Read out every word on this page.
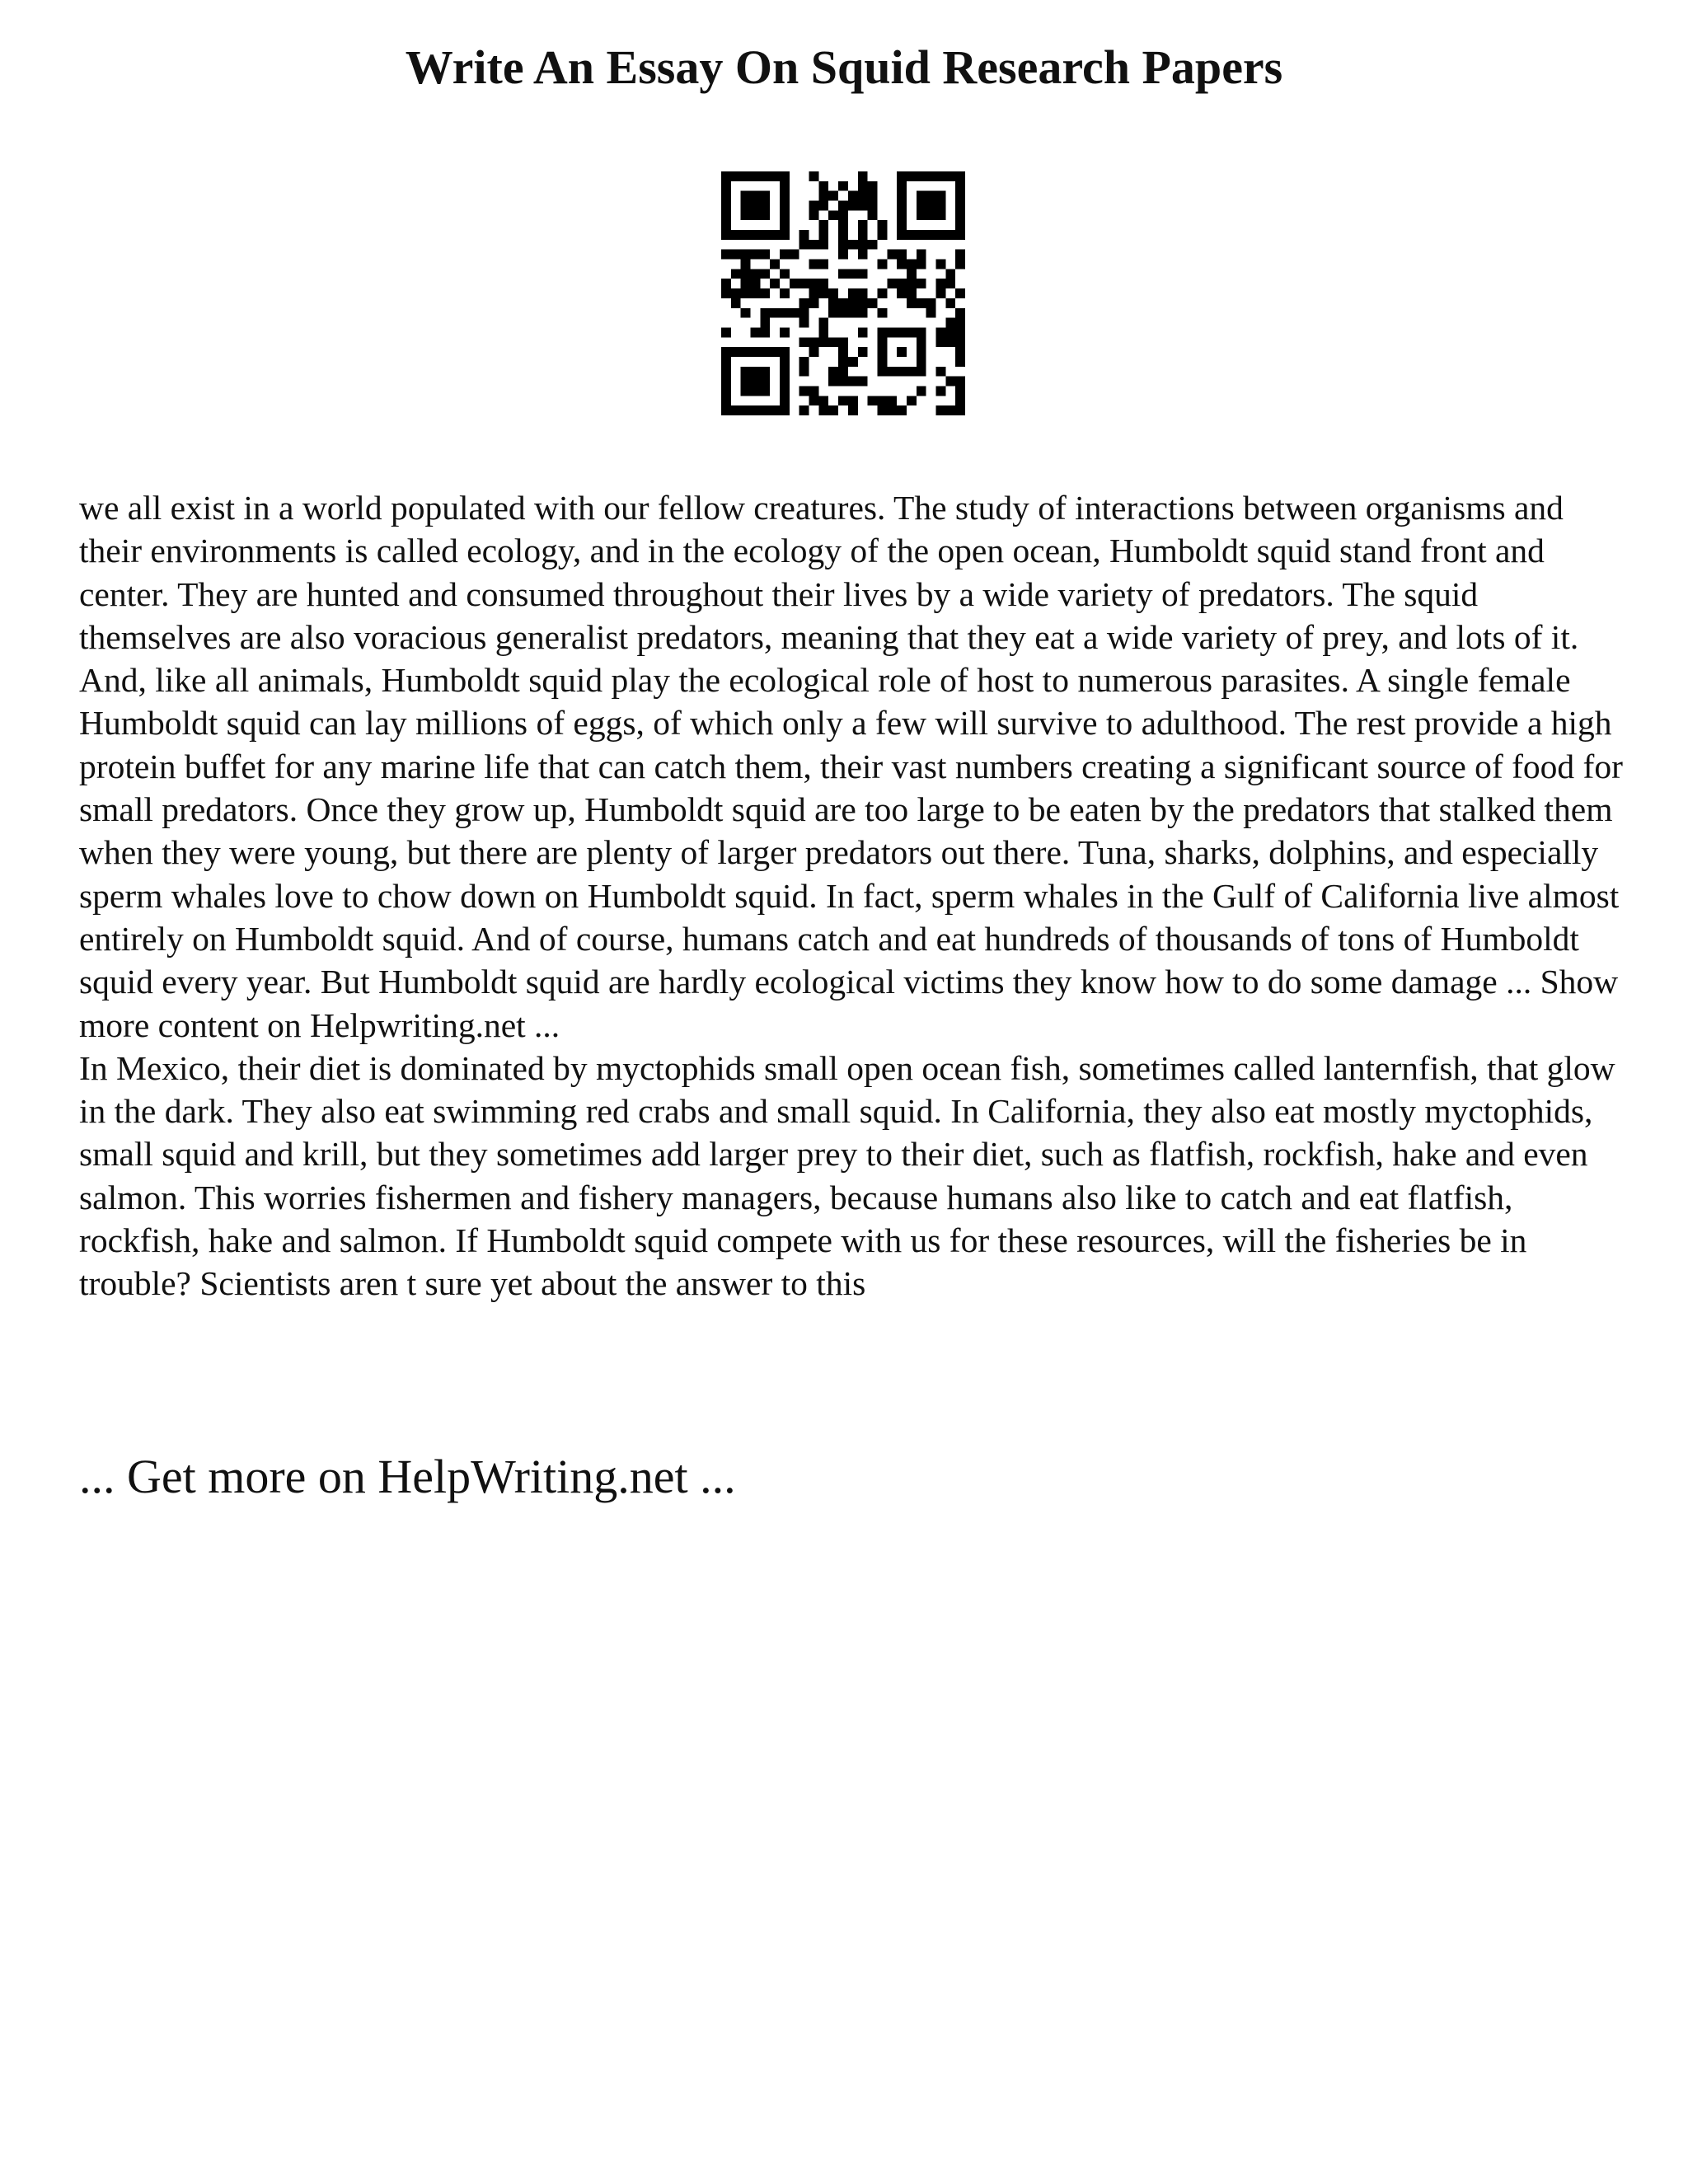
Write An Essay On Squid Research Papers

we all exist in a world populated with our fellow creatures. The study of interactions between organisms and their environments is called ecology, and in the ecology of the open ocean, Humboldt squid stand front and center. They are hunted and consumed throughout their lives by a wide variety of predators. The squid themselves are also voracious generalist predators, meaning that they eat a wide variety of prey, and lots of it. And, like all animals, Humboldt squid play the ecological role of host to numerous parasites. A single female Humboldt squid can lay millions of eggs, of which only a few will survive to adulthood. The rest provide a high protein buffet for any marine life that can catch them, their vast numbers creating a significant source of food for small predators. Once they grow up, Humboldt squid are too large to be eaten by the predators that stalked them when they were young, but there are plenty of larger predators out there. Tuna, sharks, dolphins, and especially sperm whales love to chow down on Humboldt squid. In fact, sperm whales in the Gulf of California live almost entirely on Humboldt squid. And of course, humans catch and eat hundreds of thousands of tons of Humboldt squid every year. But Humboldt squid are hardly ecological victims they know how to do some damage ... Show more content on Helpwriting.net ...

In Mexico, their diet is dominated by myctophids small open ocean fish, sometimes called lanternfish, that glow in the dark. They also eat swimming red crabs and small squid. In California, they also eat mostly myctophids, small squid and krill, but they sometimes add larger prey to their diet, such as flatfish, rockfish, hake and even salmon. This worries fishermen and fishery managers, because humans also like to catch and eat flatfish, rockfish, hake and salmon. If Humboldt squid compete with us for these resources, will the fisheries be in trouble? Scientists aren t sure yet about the answer to this

... Get more on HelpWriting.net ...
